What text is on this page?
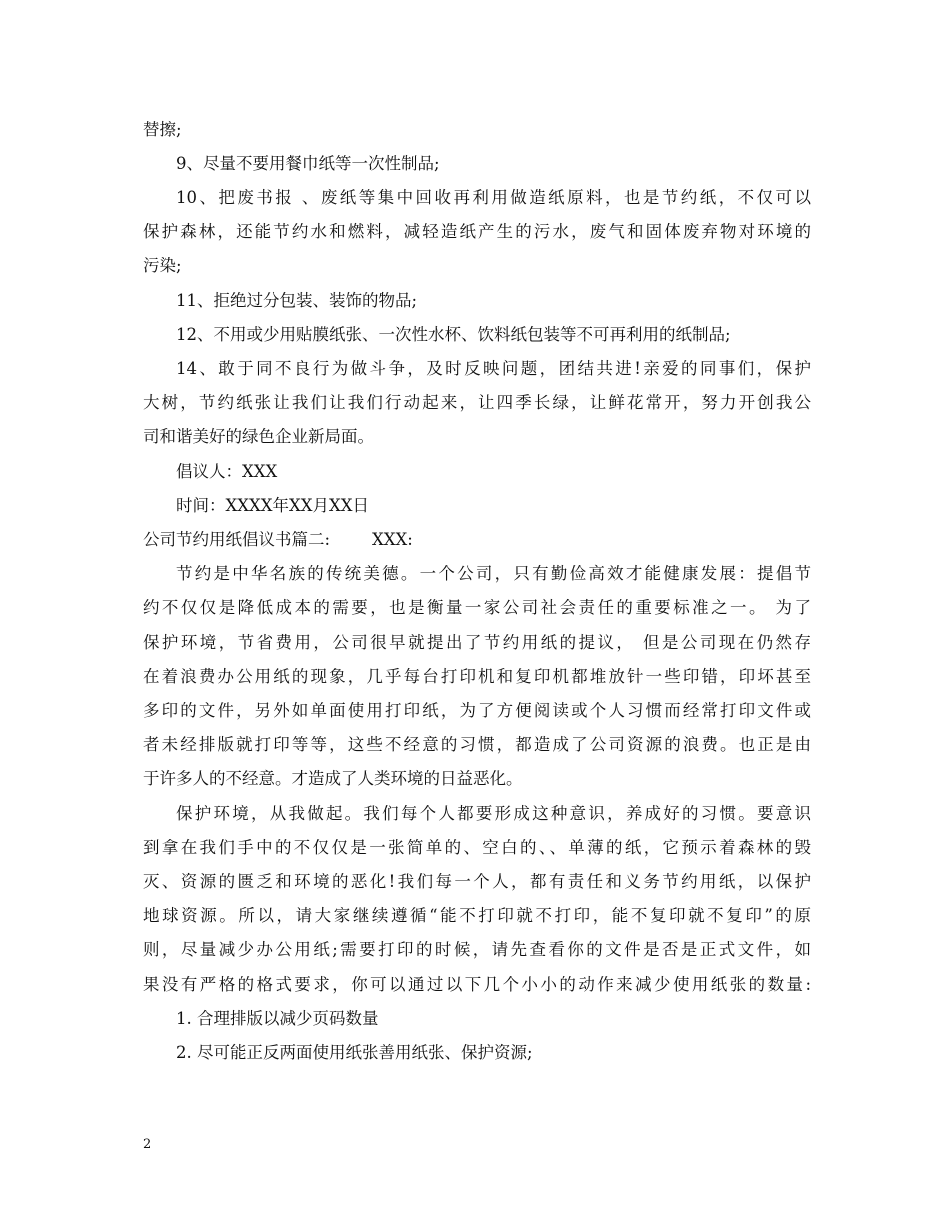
替擦;
9、尽量不要用餐巾纸等一次性制品;
10、把废书报 、废纸等集中回收再利用做造纸原料，也是节约纸，不仅可以
保护森林，还能节约水和燃料，减轻造纸产生的污水，废气和固体废弃物对环境的
污染;
11、拒绝过分包装、装饰的物品;
12、不用或少用贴膜纸张、一次性水杯、饮料纸包装等不可再利用的纸制品;
14、敢于同不良行为做斗争，及时反映问题，团结共进!亲爱的同事们，保护
大树，节约纸张让我们让我们行动起来，让四季长绿，让鲜花常开，努力开创我公
司和谐美好的绿色企业新局面。
倡议人：XXX
时间：XXXX年XX月XX日
公司节约用纸倡议书篇二:        XXX:
节约是中华名族的传统美德。一个公司，只有勤俭高效才能健康发展：提倡节
约不仅仅是降低成本的需要，也是衡量一家公司社会责任的重要标准之一。 为了
保护环境，节省费用，公司很早就提出了节约用纸的提议， 但是公司现在仍然存
在着浪费办公用纸的现象，几乎每台打印机和复印机都堆放针一些印错，印坏甚至
多印的文件，另外如单面使用打印纸，为了方便阅读或个人习惯而经常打印文件或
者未经排版就打印等等，这些不经意的习惯，都造成了公司资源的浪费。也正是由
于许多人的不经意。才造成了人类环境的日益恶化。
保护环境，从我做起。我们每个人都要形成这种意识，养成好的习惯。要意识
到拿在我们手中的不仅仅是一张简单的、空白的、、单薄的纸，它预示着森林的毁
灭、资源的匮乏和环境的恶化!我们每一个人，都有责任和义务节约用纸，以保护
地球资源。所以，请大家继续遵循“能不打印就不打印，能不复印就不复印”的原
则，尽量减少办公用纸;需要打印的时候，请先查看你的文件是否是正式文件，如
果没有严格的格式要求，你可以通过以下几个小小的动作来减少使用纸张的数量:
1. 合理排版以减少页码数量
2. 尽可能正反两面使用纸张善用纸张、保护资源;
2
